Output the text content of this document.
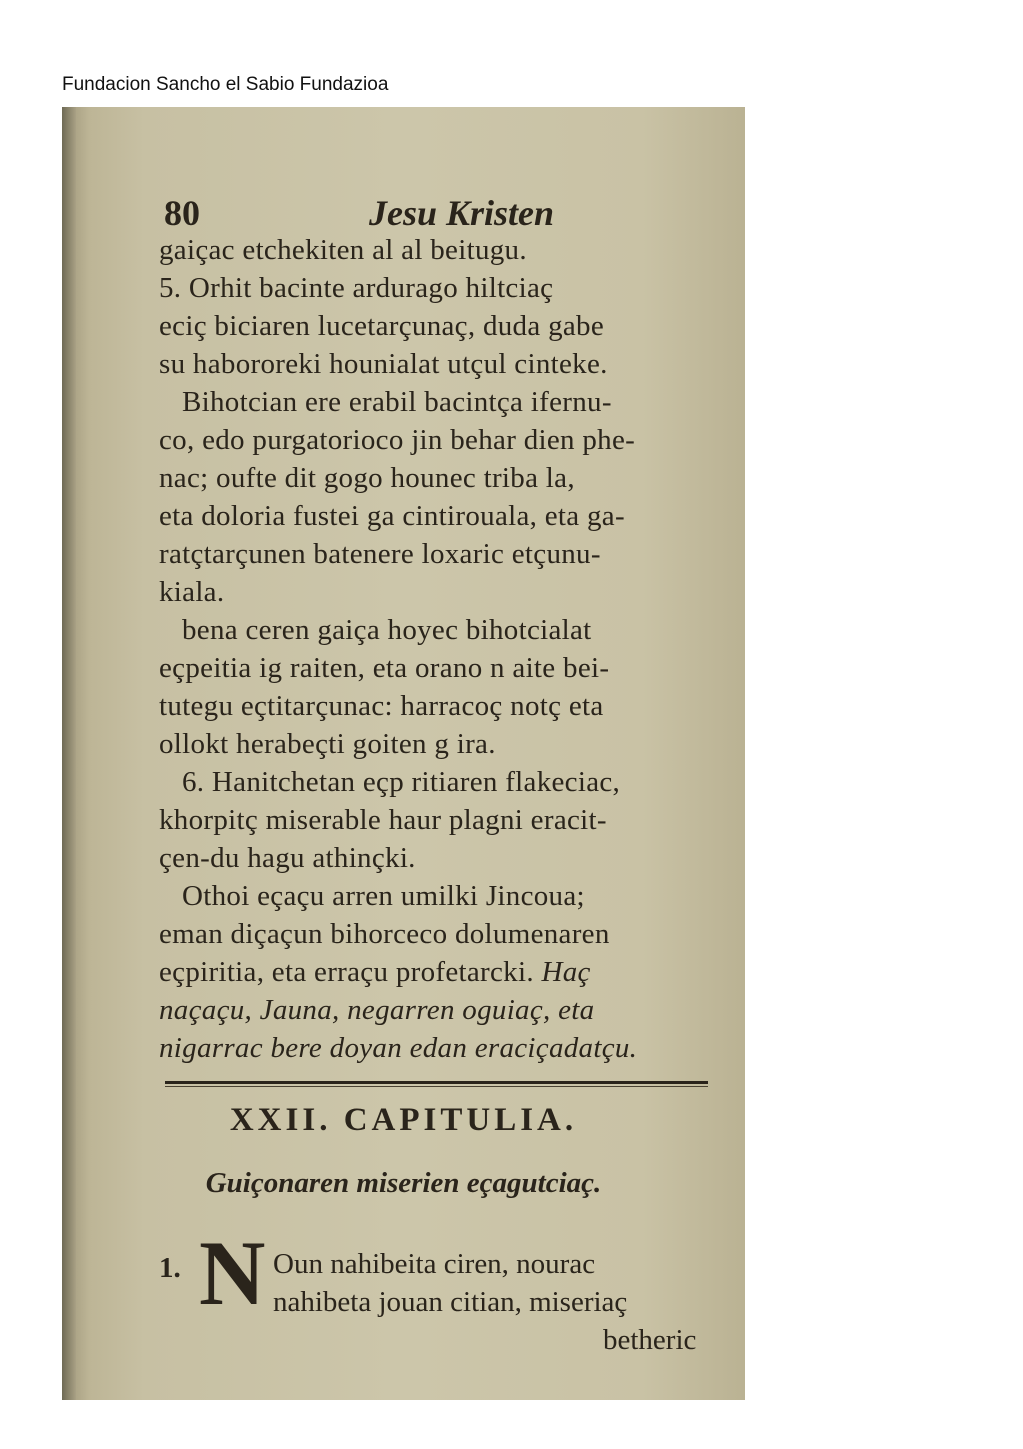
Fundacion Sancho el Sabio Fundazioa
80	Jesu Kristen
gaiçac etchekiten al al beitugu.
5. Orhit bacinte ardurago hiltciaç
eciç biciaren lucetarçunaç, duda gabe
su habororeki hounialat utçul cinteke.
Bihotcian ere erabil bacintça ifernu-
co, edo purgatorioco jin behar dien phe-
nac; oufte dit gogo hounec triba la,
eta doloria fustei ga cintirouala, eta ga-
ratçtarçunen batenere loxaric etçunu-
kiala.
bena ceren gaiça hoyec bihotcialat
eçpeitia ig raiten, eta orano n aite bei-
tutegu eçtitarçunac: harracoç notç eta
ollokt herabeçti goiten g ira.
6. Hanitchetan eçp ritiaren flakeciac,
khorpitç miserable haur plagni eracit-
çen-du hagu athinçki.
Othoi eçaçu arren umilki Jincoua;
eman diçaçun bihorceco dolumenaren
eçpiritia, eta erraçu profetarcki. Haç
naçaçu, Jauna, negarren oguiaç, eta
nigarrac bere doyan edan eraciçadatçu.
XXII. CAPITULIA.
Guiçonaren miserien eçagutciaç.
1. N Oun nahibeita ciren, nourac
nahibeta jouan citian, miseriaç
betheric
